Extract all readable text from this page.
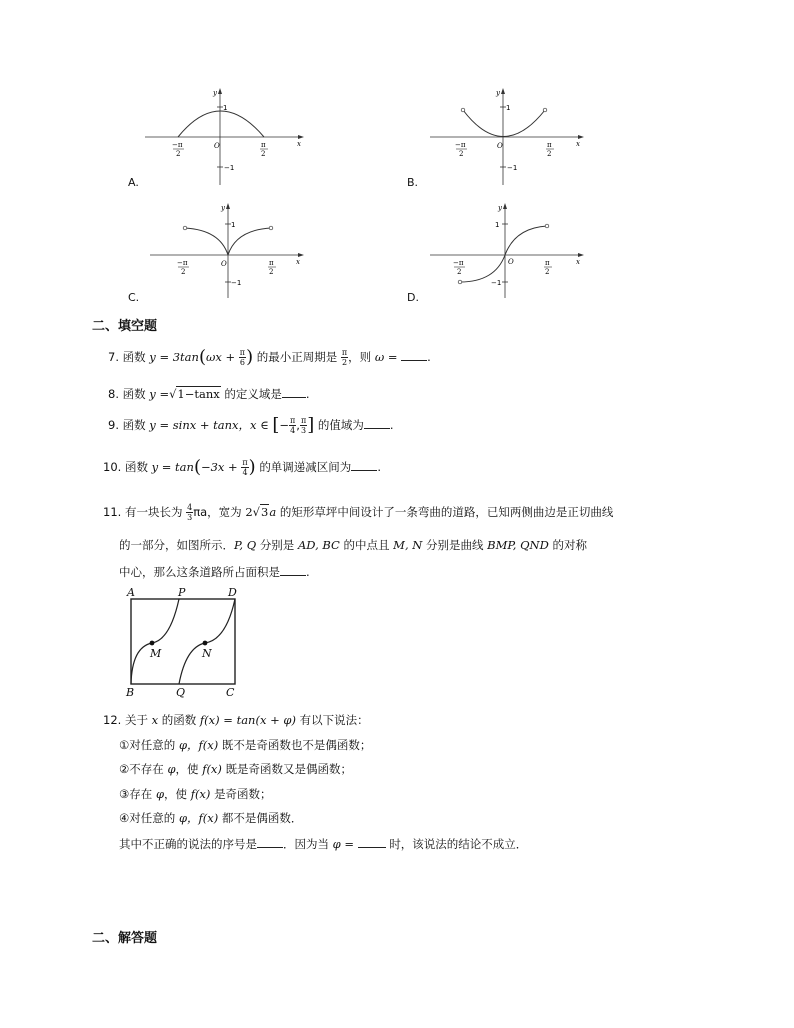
y
x
O
1
−1
−π
2
π
2
y
x
O
1
−1
−π
2
π
2
y
x
O
1
−1
−π
2
π
2
y
x
O
1
−1
−π
2
π
2
A.	B.
C.	D.
二、填空题
7. 函数 $y = 3\tan(\omega x + \frac{\pi}{6}$ ) 的最小正周期是 $\frac{\pi}{2}$ ，则 ω =	.
8. 函数 y =√1−tanx 的定义域是 .
9. 函数 y = sinx + tanx，x ∈ [− $\frac{\pi}{4}$ , $\frac{\pi}{3}$ ] 的值域为 .
10. 函数 $y = \tan(-3x + \frac{\pi}{4}$ ) 的单调递减区间为 .
11. 有一块长为 $\frac{4}{3}$ πa，宽为 2√3a 的矩形草坪中间设计了一条弯曲的道路，已知两侧曲边是正切曲线
的一部分，如图所示．P, Q 分别是 AD, BC 的中点且 M, N 分别是曲线 BMP, QND 的对称
中心，那么这条道路所占面积是 .
A	P	D
M	N
B	Q	C
12. 关于 x 的函数 f(x) = tan(x + φ) 有以下说法：
①对任意的 φ，f(x) 既不是奇函数也不是偶函数；
②不存在 φ，使 f(x) 既是奇函数又是偶函数；
③存在 φ，使 f(x) 是奇函数；
④对任意的 φ，f(x) 都不是偶函数．
其中不正确的说法的序号是 ．因为当 φ =	时，该说法的结论不成立．
二、解答题
